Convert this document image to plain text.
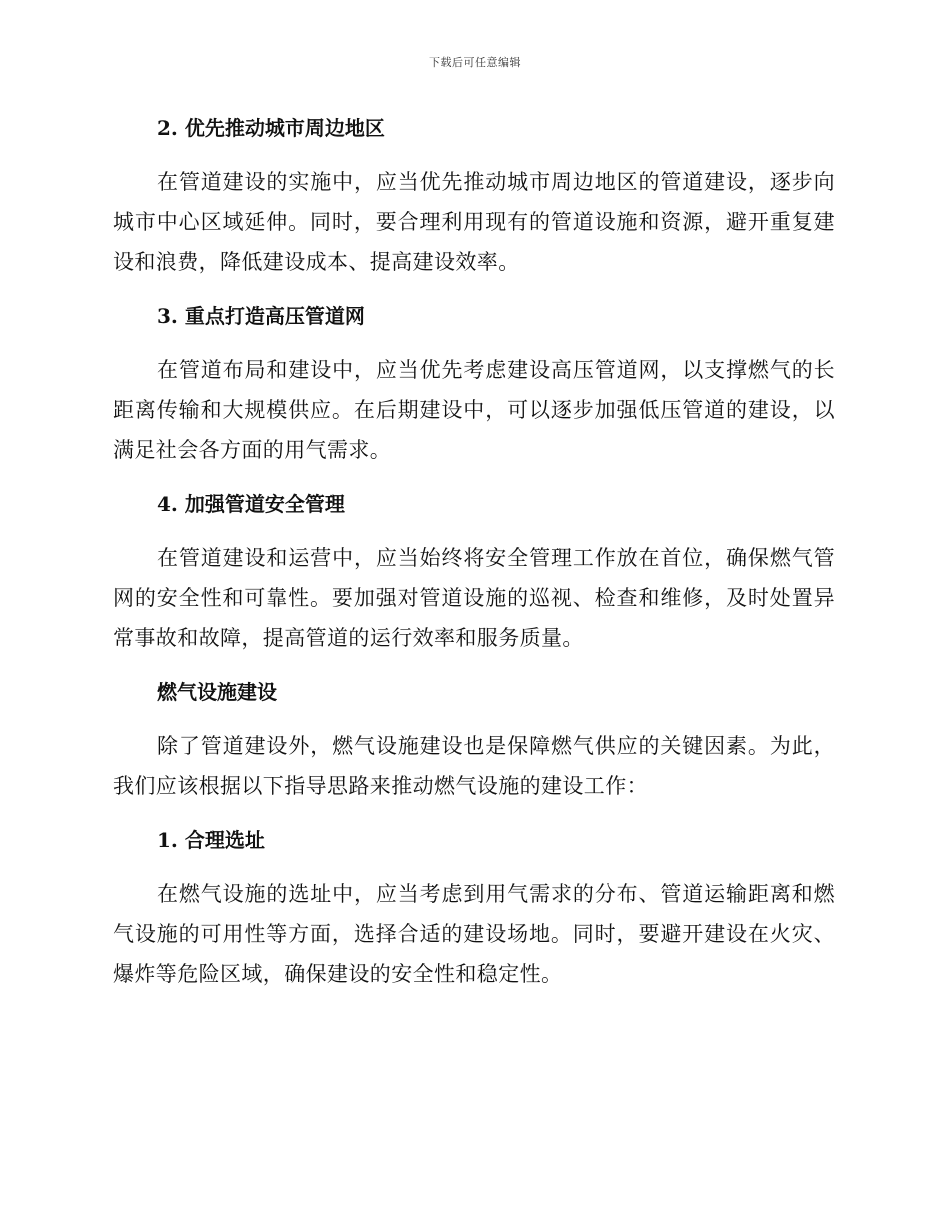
下载后可任意编辑
2. 优先推动城市周边地区

在管道建设的实施中，应当优先推动城市周边地区的管道建设，逐步向城市中心区域延伸。同时，要合理利用现有的管道设施和资源，避开重复建设和浪费，降低建设成本、提高建设效率。

3. 重点打造高压管道网

在管道布局和建设中，应当优先考虑建设高压管道网，以支撑燃气的长距离传输和大规模供应。在后期建设中，可以逐步加强低压管道的建设，以满足社会各方面的用气需求。

4. 加强管道安全管理

在管道建设和运营中，应当始终将安全管理工作放在首位，确保燃气管网的安全性和可靠性。要加强对管道设施的巡视、检查和维修，及时处置异常事故和故障，提高管道的运行效率和服务质量。

燃气设施建设

除了管道建设外，燃气设施建设也是保障燃气供应的关键因素。为此，我们应该根据以下指导思路来推动燃气设施的建设工作：

1. 合理选址

在燃气设施的选址中，应当考虑到用气需求的分布、管道运输距离和燃气设施的可用性等方面，选择合适的建设场地。同时，要避开建设在火灾、爆炸等危险区域，确保建设的安全性和稳定性。
